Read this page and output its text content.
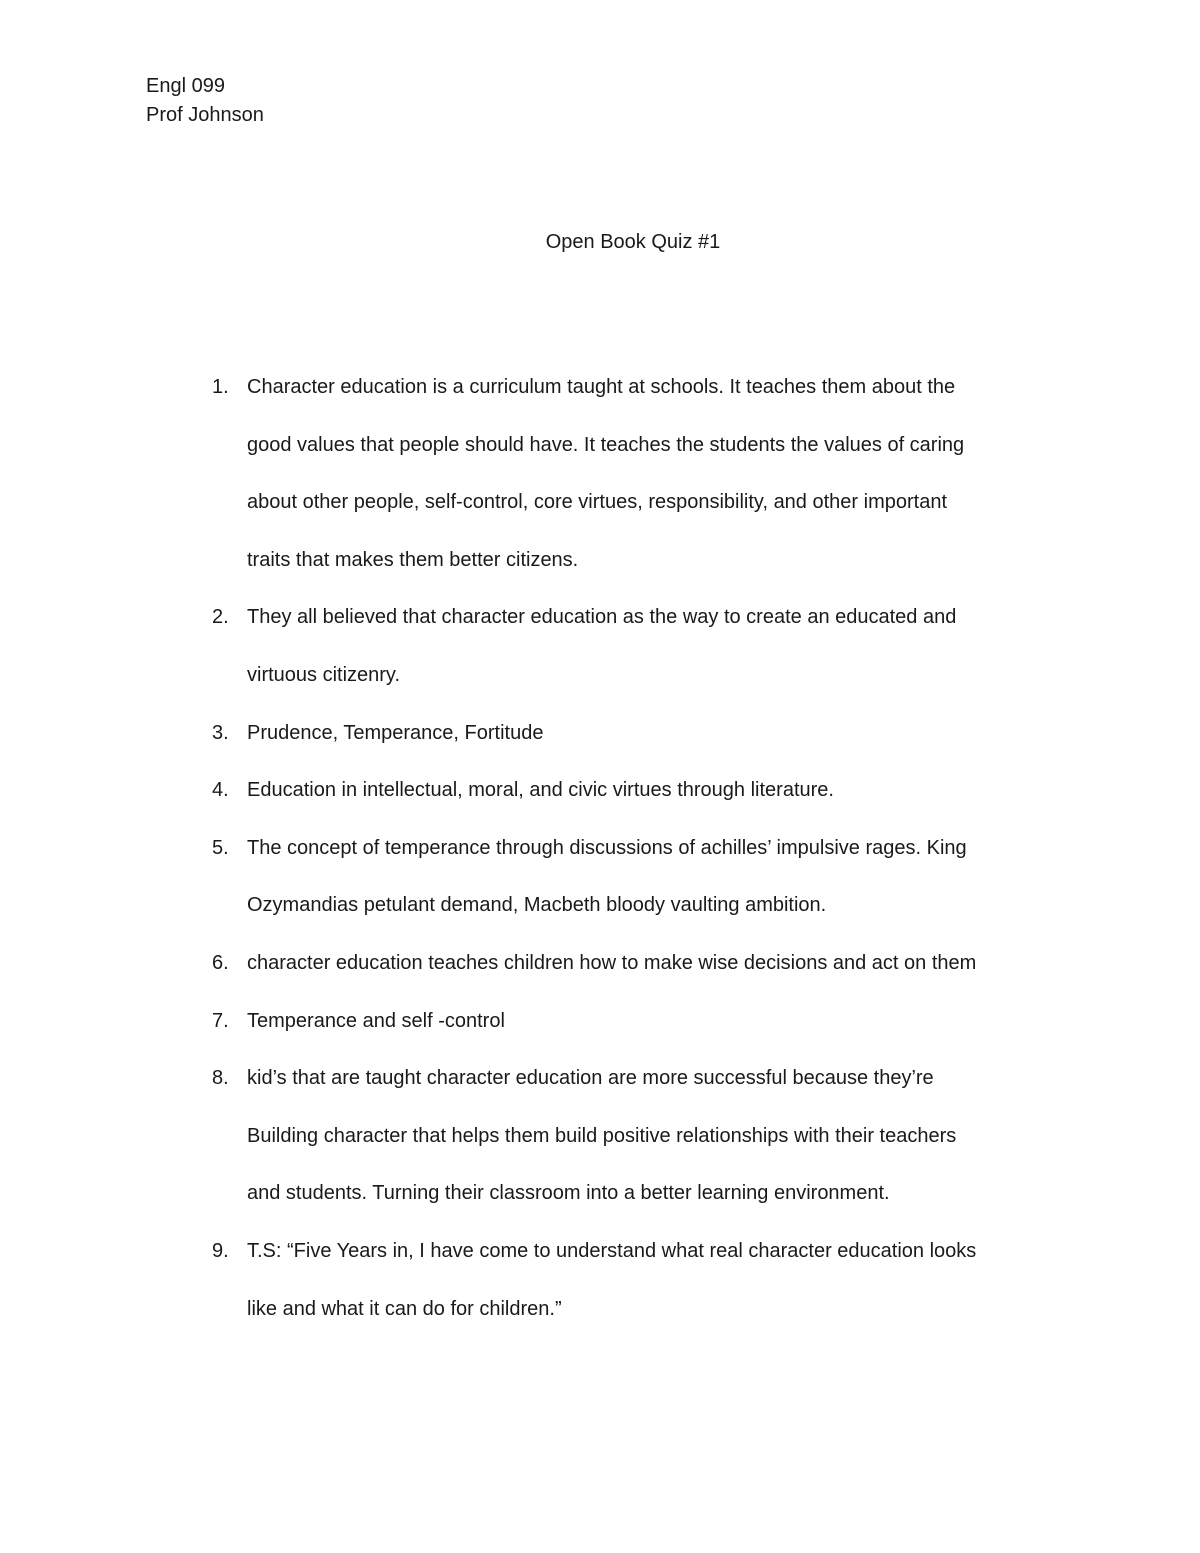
Engl 099
Prof Johnson
Open Book Quiz #1
1. Character education is a curriculum taught at schools. It teaches them about the
good values that people should have. It teaches the students the values of caring
about other people, self-control, core virtues, responsibility, and other important
traits that makes them better citizens.
2. They all believed that character education as the way to create an educated and
virtuous citizenry.
3. Prudence, Temperance, Fortitude
4. Education in intellectual, moral, and civic virtues through literature.
5. The concept of temperance through discussions of achilles’ impulsive rages. King
Ozymandias petulant demand, Macbeth bloody vaulting ambition.
6. character education teaches children how to make wise decisions and act on them
7. Temperance and self -control
8. kid’s that are taught character education are more successful because they’re
Building character that helps them build positive relationships with their teachers
and students. Turning their classroom into a better learning environment.
9. T.S: “Five Years in, I have come to understand what real character education looks
like and what it can do for children.”
